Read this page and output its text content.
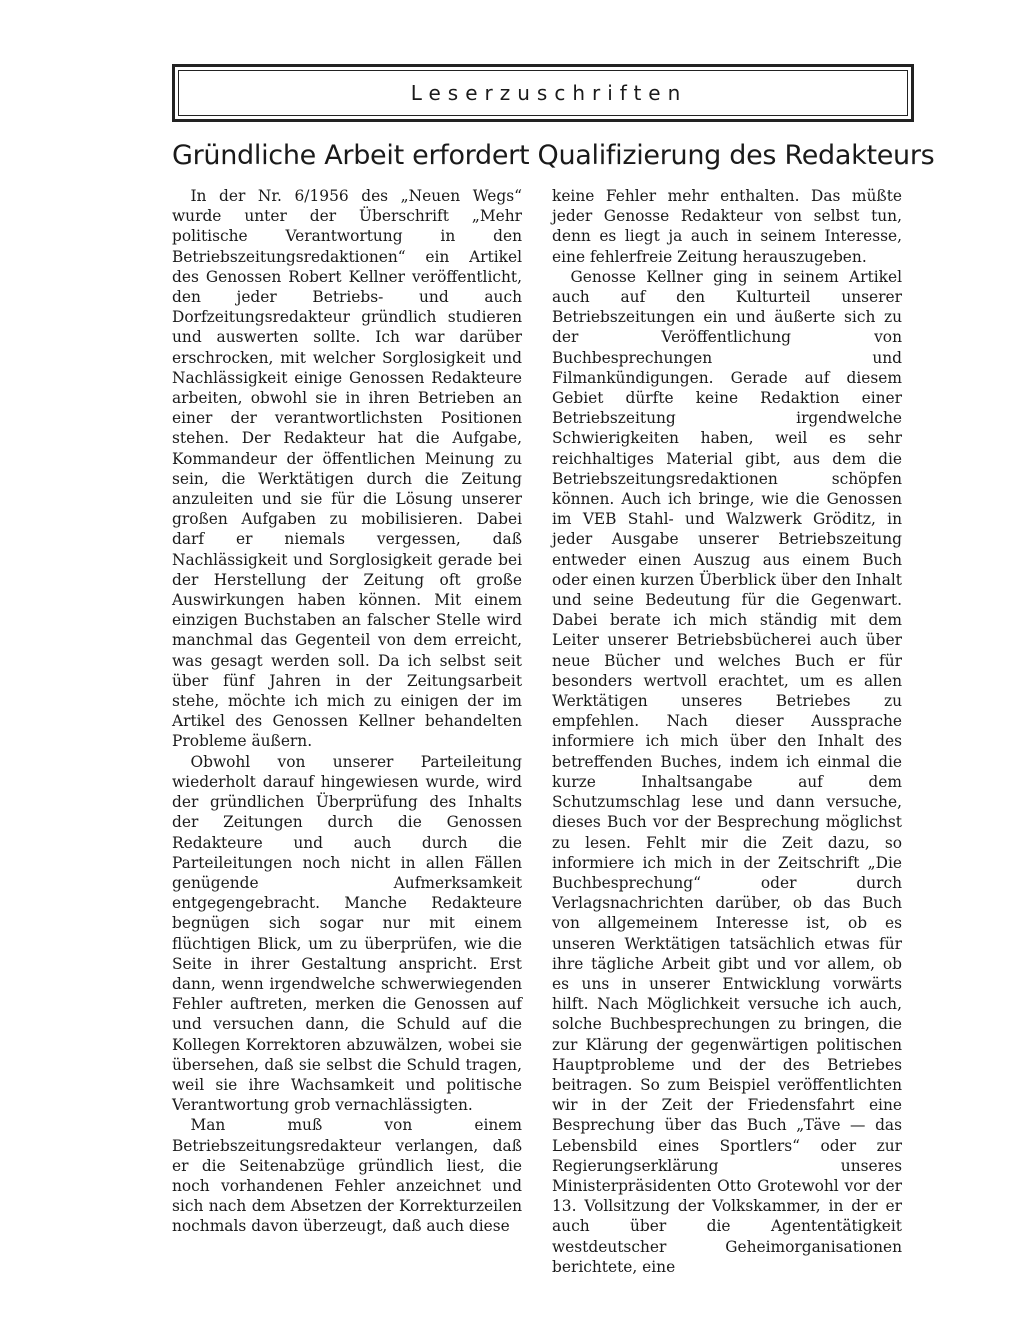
Leserzuschriften
Gründliche Arbeit erfordert Qualifizierung des Redakteurs

In der Nr. 6/1956 des „Neuen Wegs“ wurde unter der Überschrift „Mehr politische Verantwortung in den Betriebszeitungsredaktionen“ ein Artikel des Genossen Robert Kellner veröffentlicht, den jeder Betriebs- und auch Dorfzeitungsredakteur gründlich studieren und auswerten sollte. Ich war darüber erschrocken, mit welcher Sorglosigkeit und Nachlässigkeit einige Genossen Redakteure arbeiten, obwohl sie in ihren Betrieben an einer der verantwortlichsten Positionen stehen. Der Redakteur hat die Aufgabe, Kommandeur der öffentlichen Meinung zu sein, die Werktätigen durch die Zeitung anzuleiten und sie für die Lösung unserer großen Aufgaben zu mobilisieren. Dabei darf er niemals vergessen, daß Nachlässigkeit und Sorglosigkeit gerade bei der Herstellung der Zeitung oft große Auswirkungen haben können. Mit einem einzigen Buchstaben an falscher Stelle wird manchmal das Gegenteil von dem erreicht, was gesagt werden soll. Da ich selbst seit über fünf Jahren in der Zeitungsarbeit stehe, möchte ich mich zu einigen der im Artikel des Genossen Kellner behandelten Probleme äußern.

Obwohl von unserer Parteileitung wiederholt darauf hingewiesen wurde, wird der gründlichen Überprüfung des Inhalts der Zeitungen durch die Genossen Redakteure und auch durch die Parteileitungen noch nicht in allen Fällen genügende Aufmerksamkeit entgegengebracht. Manche Redakteure begnügen sich sogar nur mit einem flüchtigen Blick, um zu überprüfen, wie die Seite in ihrer Gestaltung anspricht. Erst dann, wenn irgendwelche schwerwiegenden Fehler auftreten, merken die Genossen auf und versuchen dann, die Schuld auf die Kollegen Korrektoren abzuwälzen, wobei sie übersehen, daß sie selbst die Schuld tragen, weil sie ihre Wachsamkeit und politische Verantwortung grob vernachlässigten.

Man muß von einem Betriebszeitungsredakteur verlangen, daß er die Seitenabzüge gründlich liest, die noch vorhandenen Fehler anzeichnet und sich nach dem Absetzen der Korrekturzeilen nochmals davon überzeugt, daß auch diese

keine Fehler mehr enthalten. Das müßte jeder Genosse Redakteur von selbst tun, denn es liegt ja auch in seinem Interesse, eine fehlerfreie Zeitung herauszugeben.

Genosse Kellner ging in seinem Artikel auch auf den Kulturteil unserer Betriebszeitungen ein und äußerte sich zu der Veröffentlichung von Buchbesprechungen und Filmankündigungen. Gerade auf diesem Gebiet dürfte keine Redaktion einer Betriebszeitung irgendwelche Schwierigkeiten haben, weil es sehr reichhaltiges Material gibt, aus dem die Betriebszeitungsredaktionen schöpfen können. Auch ich bringe, wie die Genossen im VEB Stahl- und Walzwerk Gröditz, in jeder Ausgabe unserer Betriebszeitung entweder einen Auszug aus einem Buch oder einen kurzen Überblick über den Inhalt und seine Bedeutung für die Gegenwart. Dabei berate ich mich ständig mit dem Leiter unserer Betriebsbücherei auch über neue Bücher und welches Buch er für besonders wertvoll erachtet, um es allen Werktätigen unseres Betriebes zu empfehlen. Nach dieser Aussprache informiere ich mich über den Inhalt des betreffenden Buches, indem ich einmal die kurze Inhaltsangabe auf dem Schutzumschlag lese und dann versuche, dieses Buch vor der Besprechung möglichst zu lesen. Fehlt mir die Zeit dazu, so informiere ich mich in der Zeitschrift „Die Buchbesprechung“ oder durch Verlagsnachrichten darüber, ob das Buch von allgemeinem Interesse ist, ob es unseren Werktätigen tatsächlich etwas für ihre tägliche Arbeit gibt und vor allem, ob es uns in unserer Entwicklung vorwärts hilft. Nach Möglichkeit versuche ich auch, solche Buchbesprechungen zu bringen, die zur Klärung der gegenwärtigen politischen Hauptprobleme und der des Betriebes beitragen. So zum Beispiel veröffentlichten wir in der Zeit der Friedensfahrt eine Besprechung über das Buch „Täve — das Lebensbild eines Sportlers“ oder zur Regierungserklärung unseres Ministerpräsidenten Otto Grotewohl vor der 13. Vollsitzung der Volkskammer, in der er auch über die Agententätigkeit westdeutscher Geheimorganisationen berichtete, eine
